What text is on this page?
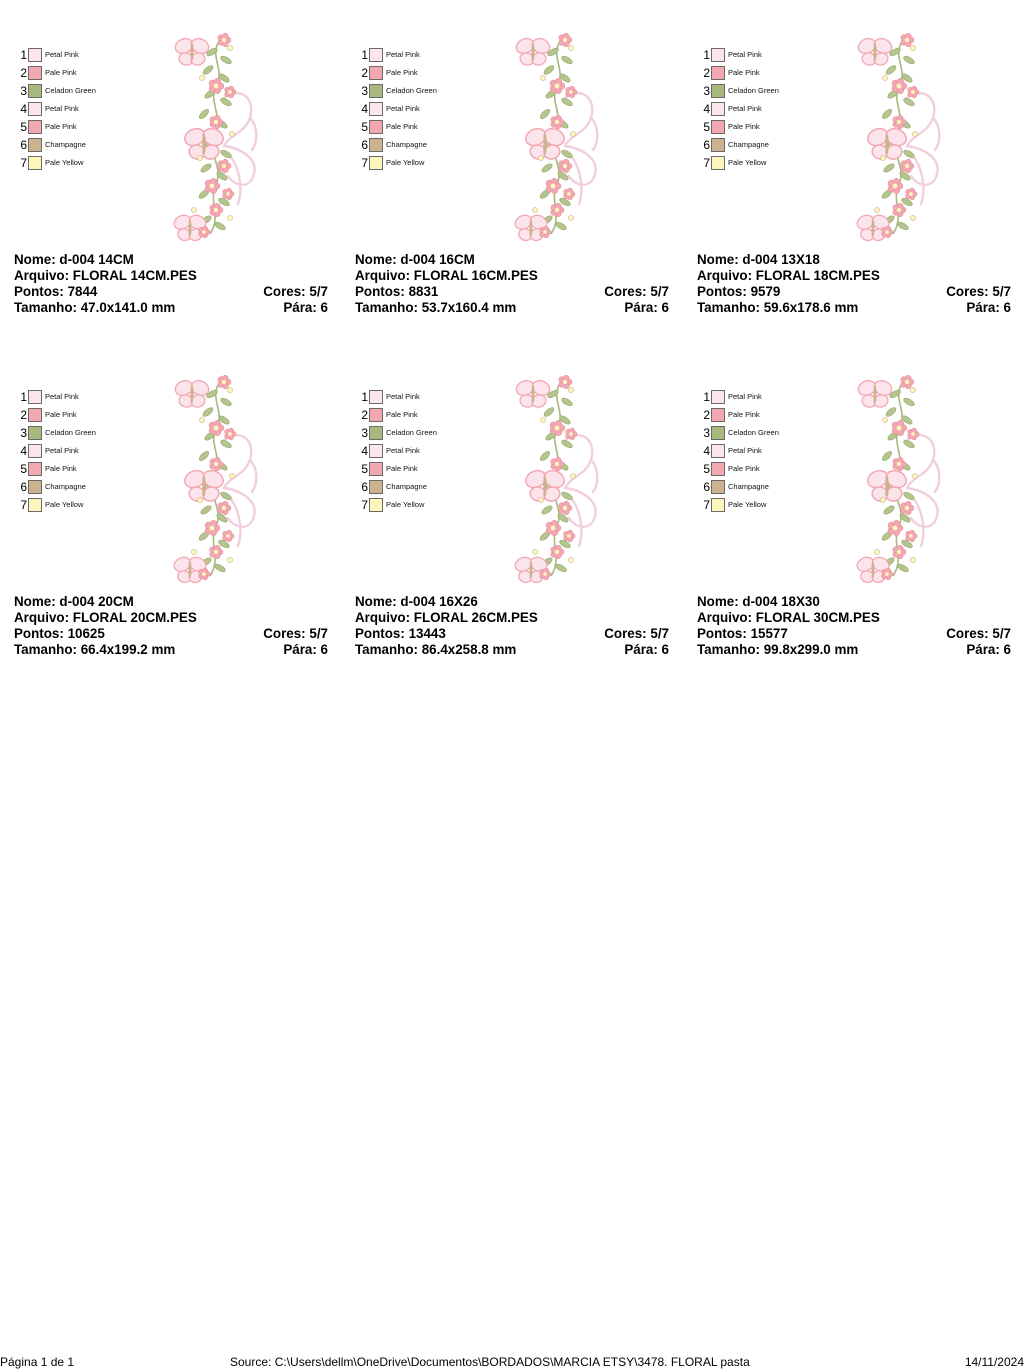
1 Petal Pink
2 Pale Pink
3 Celadon Green
4 Petal Pink
5 Pale Pink
6 Champagne
7 Pale Yellow
Nome: d-004 14CM
Arquivo: FLORAL 14CM.PES
Pontos: 7844	Cores: 5/7
Tamanho: 47.0x141.0 mm	Pára: 6
1 Petal Pink
2 Pale Pink
3 Celadon Green
4 Petal Pink
5 Pale Pink
6 Champagne
7 Pale Yellow
Nome: d-004 16CM
Arquivo: FLORAL 16CM.PES
Pontos: 8831	Cores: 5/7
Tamanho: 53.7x160.4 mm	Pára: 6
1 Petal Pink
2 Pale Pink
3 Celadon Green
4 Petal Pink
5 Pale Pink
6 Champagne
7 Pale Yellow
Nome: d-004 13X18
Arquivo: FLORAL 18CM.PES
Pontos: 9579	Cores: 5/7
Tamanho: 59.6x178.6 mm	Pára: 6
1 Petal Pink
2 Pale Pink
3 Celadon Green
4 Petal Pink
5 Pale Pink
6 Champagne
7 Pale Yellow
Nome: d-004 20CM
Arquivo: FLORAL 20CM.PES
Pontos: 10625	Cores: 5/7
Tamanho: 66.4x199.2 mm	Pára: 6
1 Petal Pink
2 Pale Pink
3 Celadon Green
4 Petal Pink
5 Pale Pink
6 Champagne
7 Pale Yellow
Nome: d-004 16X26
Arquivo: FLORAL 26CM.PES
Pontos: 13443	Cores: 5/7
Tamanho: 86.4x258.8 mm	Pára: 6
1 Petal Pink
2 Pale Pink
3 Celadon Green
4 Petal Pink
5 Pale Pink
6 Champagne
7 Pale Yellow
Nome: d-004 18X30
Arquivo: FLORAL 30CM.PES
Pontos: 15577	Cores: 5/7
Tamanho: 99.8x299.0 mm	Pára: 6
Página 1 de 1	Source: C:\Users\dellm\OneDrive\Documentos\BORDADOS\MARCIA ETSY\3478. FLORAL pasta	14/11/2024
